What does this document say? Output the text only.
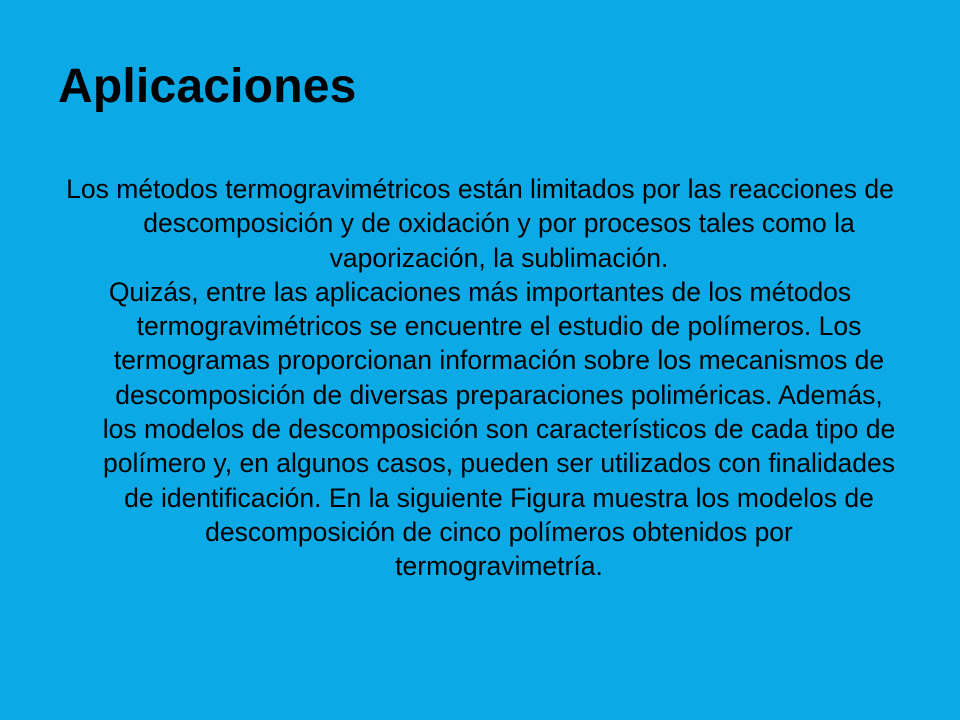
Aplicaciones

Los métodos termogravimétricos están limitados por las reacciones de descomposición y de oxidación y por procesos tales como la vaporización, la sublimación.

Quizás, entre las aplicaciones más importantes de los métodos termogravimétricos se encuentre el estudio de polímeros. Los termogramas proporcionan información sobre los mecanismos de descomposición de diversas preparaciones poliméricas. Además, los modelos de descomposición son característicos de cada tipo de polímero y, en algunos casos, pueden ser utilizados con finalidades de identificación. En la siguiente Figura muestra los modelos de descomposición de cinco polímeros obtenidos por termogravimetría.
